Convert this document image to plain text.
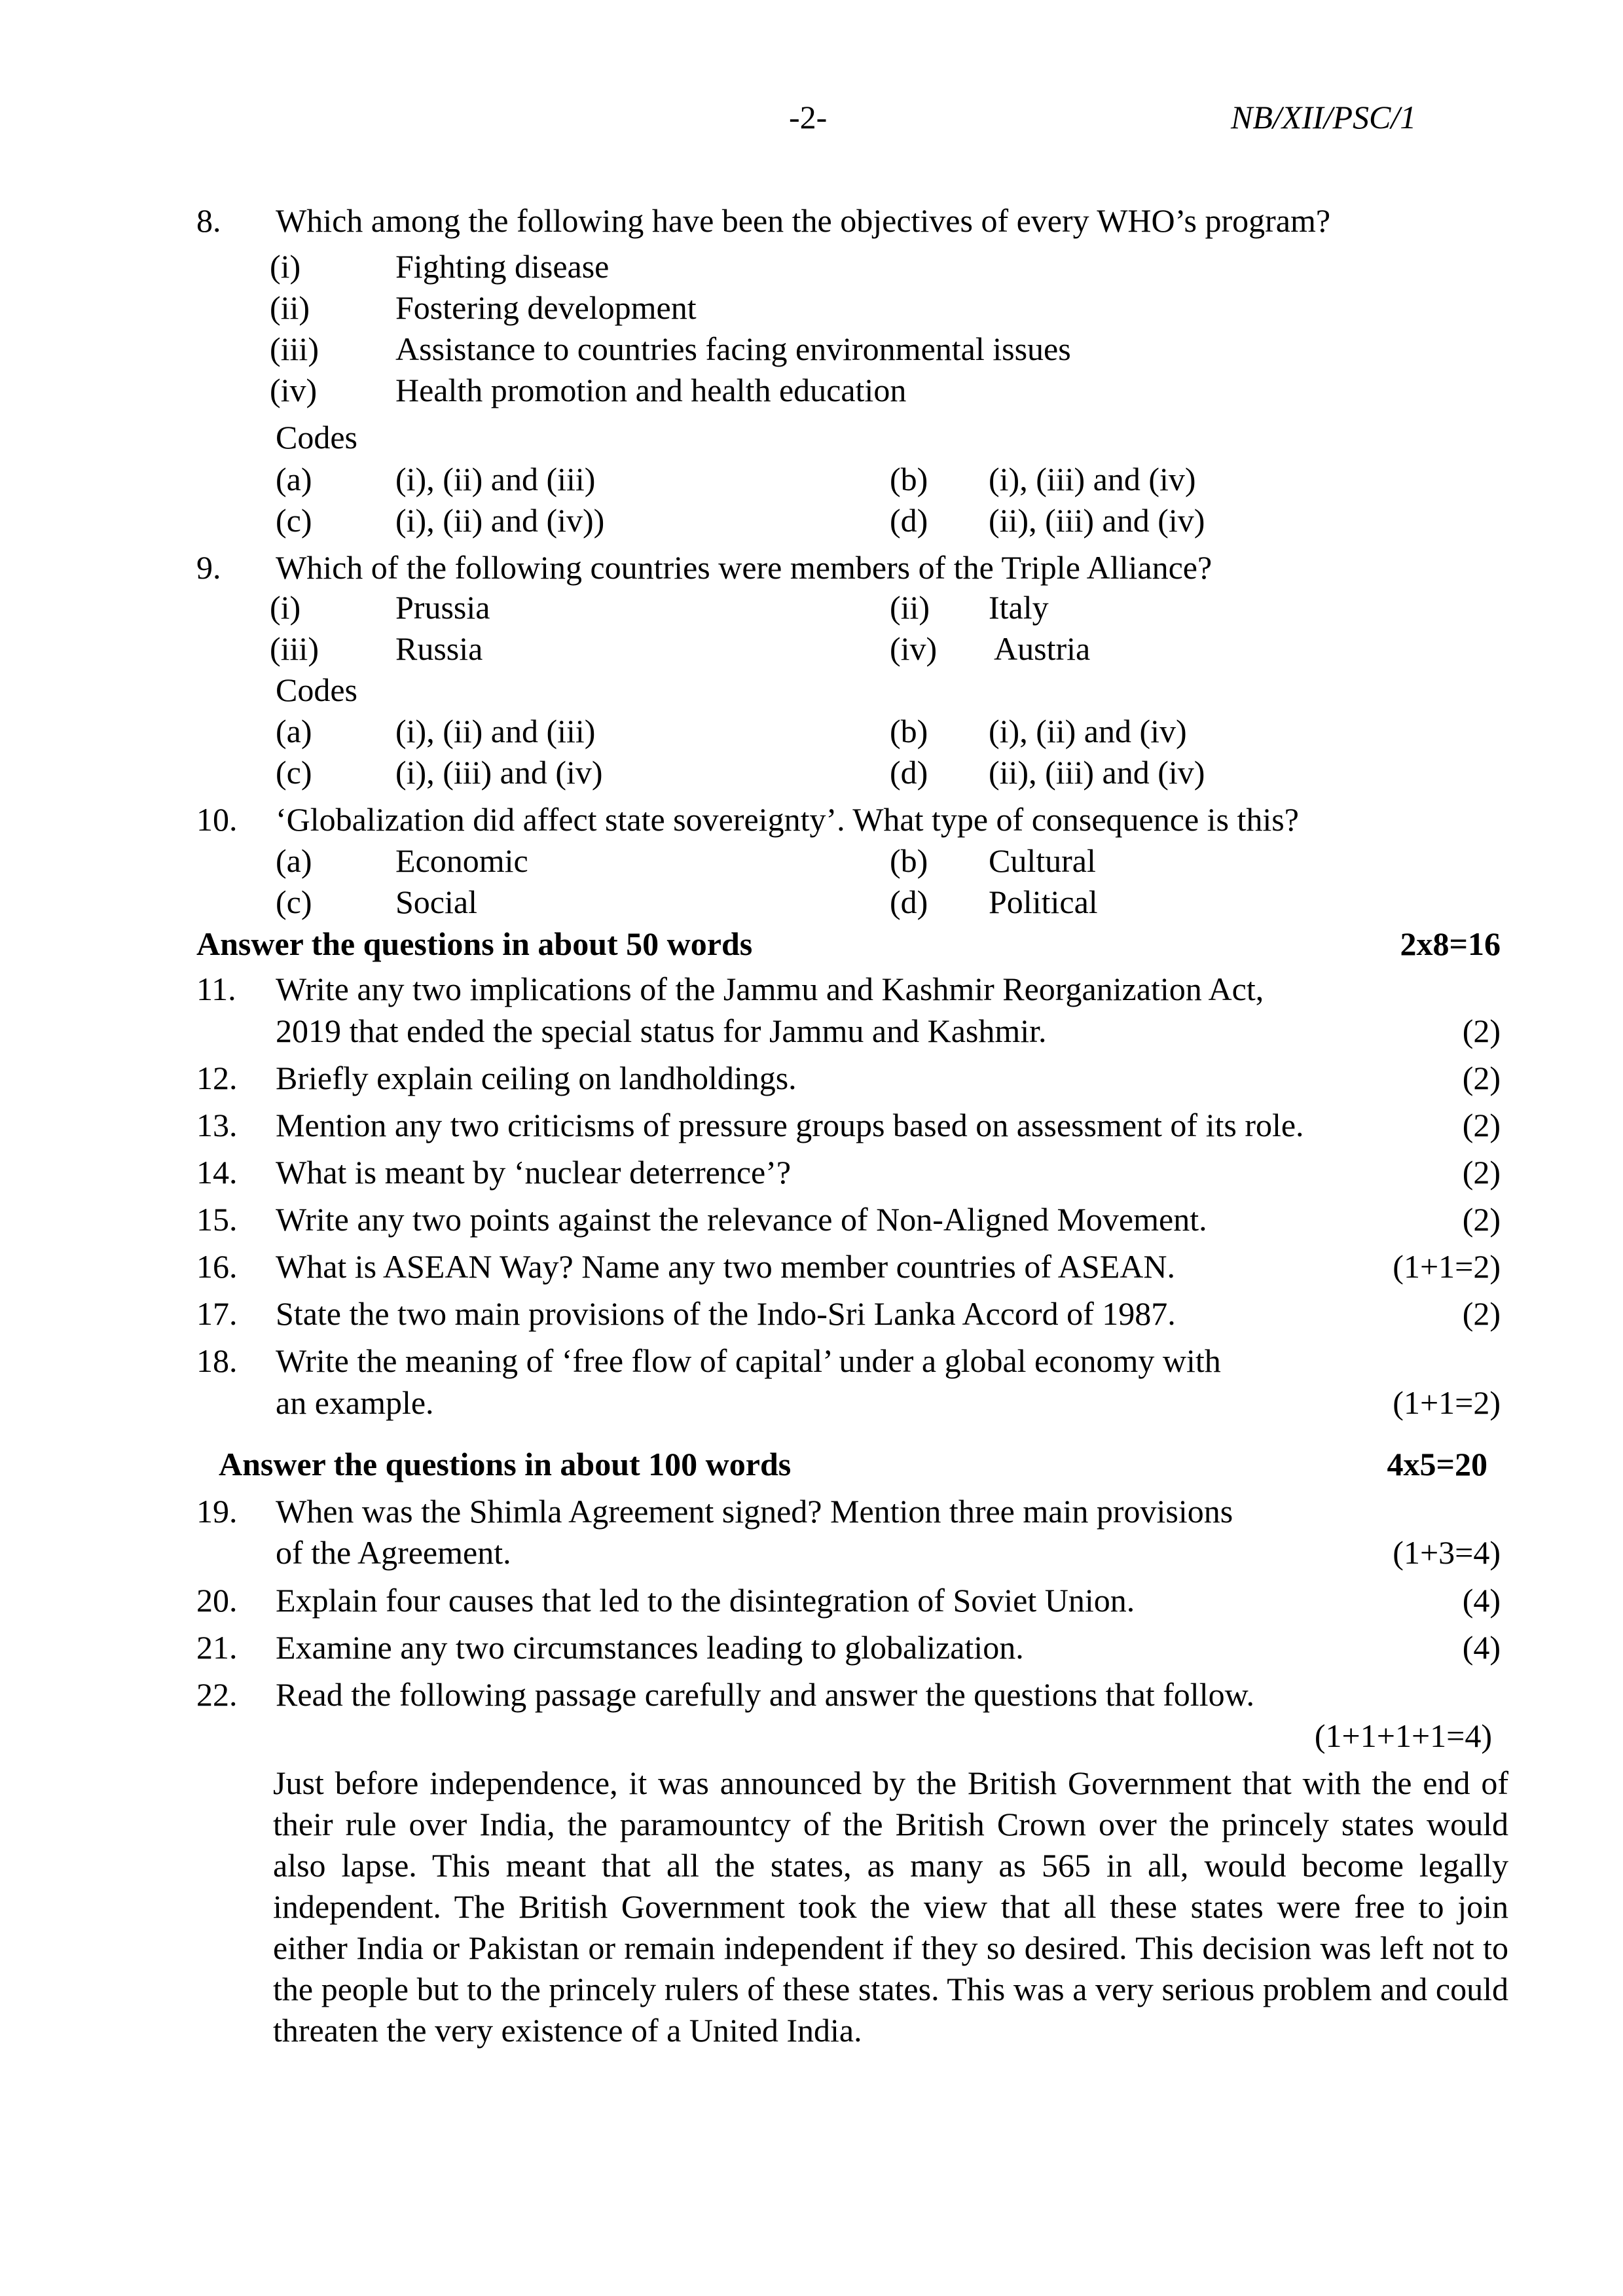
-2-	NB/XII/PSC/1
8. Which among the following have been the objectives of every WHO’s program?
(i)	Fighting disease
(ii)	Fostering development
(iii) Assistance to countries facing environmental issues
(iv) Health promotion and health education
Codes
(a)	(i), (ii) and (iii)	(b) (i), (iii) and (iv)
(c)	(i), (ii) and (iv))	(d) (ii), (iii) and (iv)
9. Which of the following countries were members of the Triple Alliance?
(i)	Prussia	(ii) Italy
(iii) Russia	(iv) Austria
Codes
(a)	(i), (ii) and (iii)	(b) (i), (ii) and (iv)
(c)	(i), (iii) and (iv)	(d) (ii), (iii) and (iv)
10. ‘Globalization did affect state sovereignty’. What type of consequence is this?
(a)	Economic	(b) Cultural
(c)	Social	(d) Political
Answer the questions in about 50 words	2x8=16
11. Write any two implications of the Jammu and Kashmir Reorganization Act,
2019 that ended the special status for Jammu and Kashmir.	(2)
12. Briefly explain ceiling on landholdings.	(2)
13. Mention any two criticisms of pressure groups based on assessment of its role.	(2)
14. What is meant by ‘nuclear deterrence’?	(2)
15. Write any two points against the relevance of Non-Aligned Movement.	(2)
16. What is ASEAN Way? Name any two member countries of ASEAN.	(1+1=2)
17. State the two main provisions of the Indo-Sri Lanka Accord of 1987.	(2)
18. Write the meaning of ‘free flow of capital’ under a global economy with
an example.	(1+1=2)
Answer the questions in about 100 words	4x5=20
19. When was the Shimla Agreement signed? Mention three main provisions
of the Agreement.	(1+3=4)
20. Explain four causes that led to the disintegration of Soviet Union.	(4)
21. Examine any two circumstances leading to globalization.	(4)
22. Read the following passage carefully and answer the questions that follow.
(1+1+1+1=4)
Just before independence, it was announced by the British Government that with the end of their rule over India, the paramountcy of the British Crown over the princely states would also lapse. This meant that all the states, as many as 565 in all, would become legally independent. The British Government took the view that all these states were free to join either India or Pakistan or remain independent if they so desired. This decision was left not to the people but to the princely rulers of these states. This was a very serious problem and could threaten the very existence of a United India.
